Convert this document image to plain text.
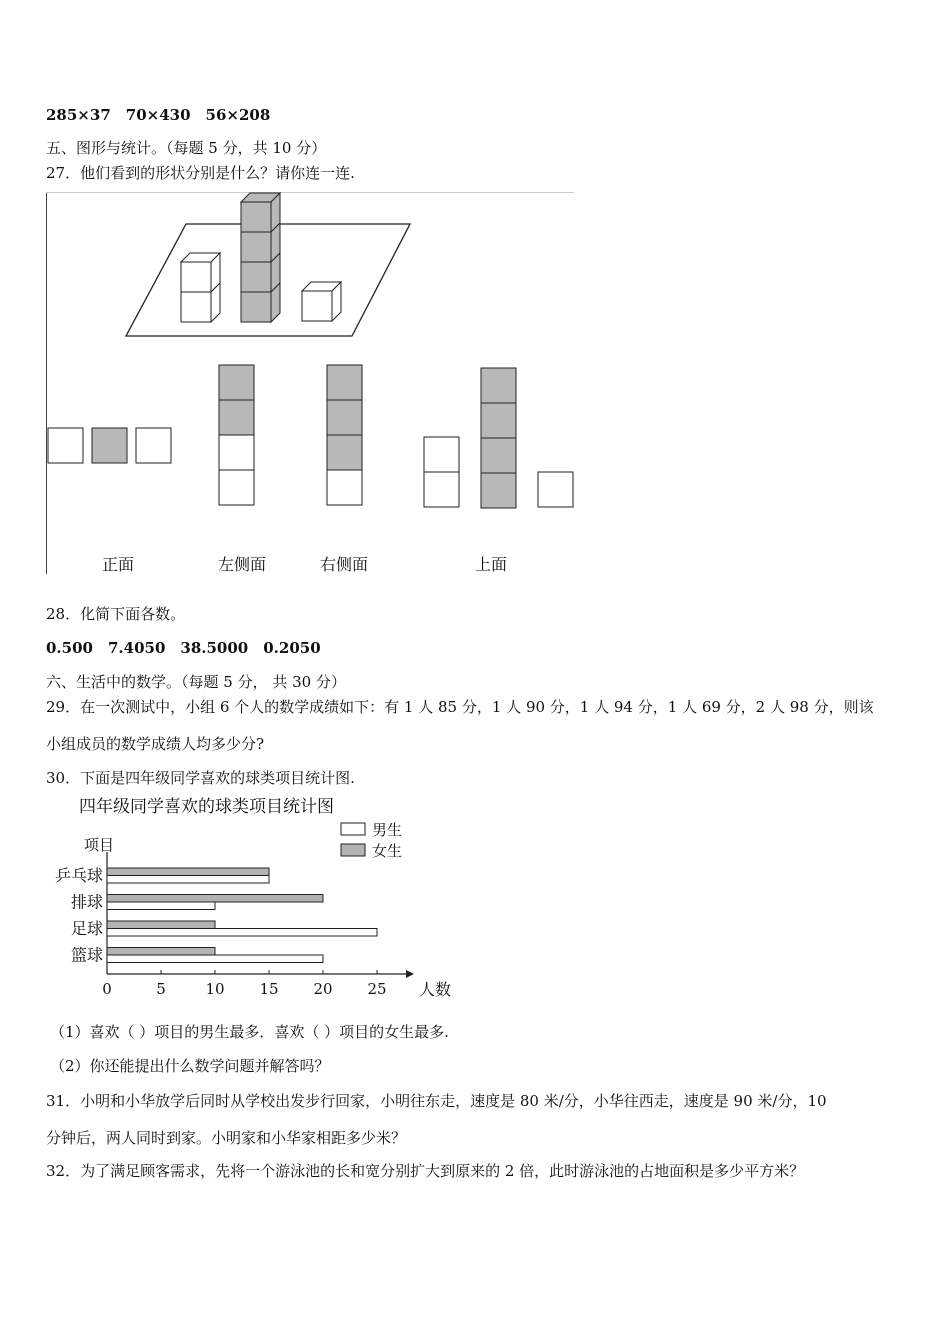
285×37　70×430　56×208
五、图形与统计。（每题 5 分，共 10 分）
27．他们看到的形状分别是什么？请你连一连.
正面	左侧面	右侧面	上面
28．化简下面各数。
0.500　7.4050　38.5000　0.2050
六、生活中的数学。（每题 5 分， 共 30 分）
29．在一次测试中，小组 6 个人的数学成绩如下：有 1 人 85 分，1 人 90 分，1 人 94 分，1 人 69 分，2 人 98 分，则该
小组成员的数学成绩人均多少分?
30．下面是四年级同学喜欢的球类项目统计图.
四年级同学喜欢的球类项目统计图
项目
男生
女生
0	5	10 15 20 25 人数
乒乓球
排球
足球
篮球
（1）喜欢（ ）项目的男生最多．喜欢（ ）项目的女生最多.
（2）你还能提出什么数学问题并解答吗？
31．小明和小华放学后同时从学校出发步行回家，小明往东走，速度是 80 米/分，小华往西走，速度是 90 米/分，10
分钟后，两人同时到家。小明家和小华家相距多少米？
32．为了满足顾客需求，先将一个游泳池的长和宽分别扩大到原来的 2 倍，此时游泳池的占地面积是多少平方米？
